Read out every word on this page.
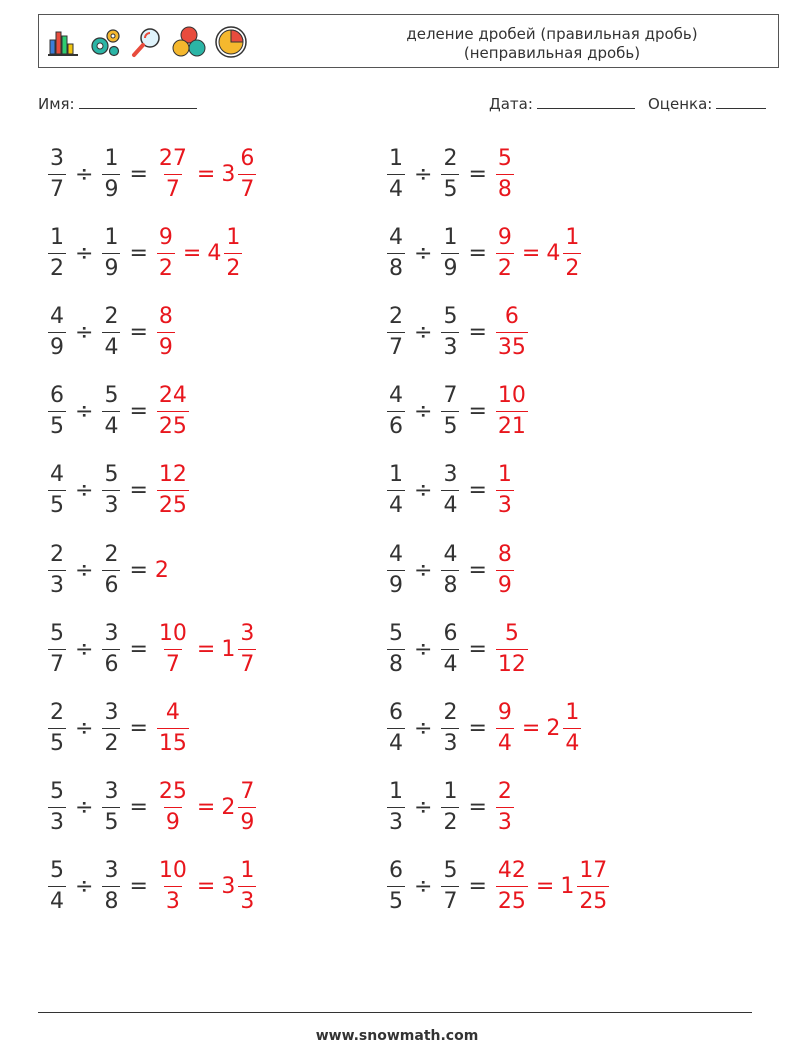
деление дробей (правильная дробь)
(неправильная дробь)
Имя:	Дата:	Оценка:
$\frac{3}{7} \div \frac{1}{9} = \frac{27}{7} = 3 \frac{6}{7}$	$\frac{1}{4} \div \frac{2}{5} = \frac{5}{8}$
$\frac{1}{2} \div \frac{1}{9} = \frac{9}{2} = 4 \frac{1}{2}$	$\frac{4}{8} \div \frac{1}{9} = \frac{9}{2} = 4 \frac{1}{2}$
$\frac{4}{9} \div \frac{2}{4} = \frac{8}{9}$	$\frac{2}{7} \div \frac{5}{3} = \frac{6}{35}$
$\frac{6}{5} \div \frac{5}{4} = \frac{24}{25}$	$\frac{4}{6} \div \frac{7}{5} = \frac{10}{21}$
$\frac{4}{5} \div \frac{5}{3} = \frac{12}{25}$	$\frac{1}{4} \div \frac{3}{4} = \frac{1}{3}$
$\frac{2}{3} \div \frac{2}{6} = 2$	$\frac{4}{9} \div \frac{4}{8} = \frac{8}{9}$
$\frac{5}{7} \div \frac{3}{6} = \frac{10}{7} = 1 \frac{3}{7}$	$\frac{5}{8} \div \frac{6}{4} = \frac{5}{12}$
$\frac{2}{5} \div \frac{3}{2} = \frac{4}{15}$	$\frac{6}{4} \div \frac{2}{3} = \frac{9}{4} = 2 \frac{1}{4}$
$\frac{5}{3} \div \frac{3}{5} = \frac{25}{9} = 2 \frac{7}{9}$	$\frac{1}{3} \div \frac{1}{2} = \frac{2}{3}$
$\frac{5}{4} \div \frac{3}{8} = \frac{10}{3} = 3 \frac{1}{3}$	$\frac{6}{5} \div \frac{5}{7} = \frac{42}{25} = 1 \frac{17}{25}$
www.snowmath.com
